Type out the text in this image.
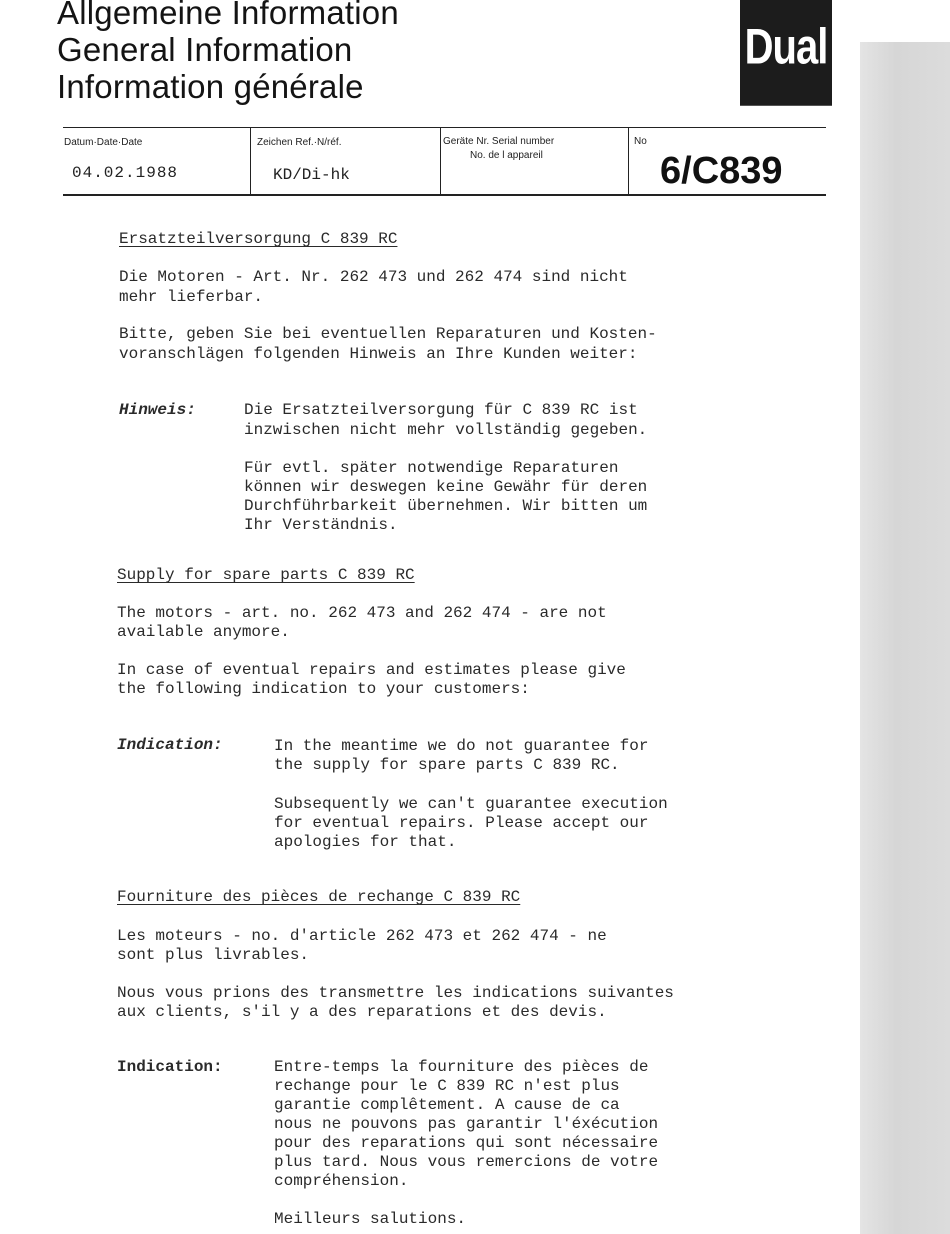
Allgemeine Information
General Information
Information générale
Dual
Datum·Date·Date
04.02.1988
Zeichen Ref.·N/réf.
KD/Di-hk
Geräte Nr. Serial number
No. de l appareil
No
6/C839
Ersatzteilversorgung C 839 RC
Die Motoren - Art. Nr. 262 473 und 262 474 sind nicht
mehr lieferbar.
Bitte, geben Sie bei eventuellen Reparaturen und Kosten-
voranschlägen folgenden Hinweis an Ihre Kunden weiter:
Hinweis:	Die Ersatzteilversorgung für C 839 RC ist
inzwischen nicht mehr vollständig gegeben.
Für evtl. später notwendige Reparaturen
können wir deswegen keine Gewähr für deren
Durchführbarkeit übernehmen. Wir bitten um
Ihr Verständnis.
Supply for spare parts C 839 RC
The motors - art. no. 262 473 and 262 474 - are not
available anymore.
In case of eventual repairs and estimates please give
the following indication to your customers:
Indication:	In the meantime we do not guarantee for
the supply for spare parts C 839 RC.
Subsequently we can't guarantee execution
for eventual repairs. Please accept our
apologies for that.
Fourniture des pièces de rechange C 839 RC
Les moteurs - no. d'article 262 473 et 262 474 - ne
sont plus livrables.
Nous vous prions des transmettre les indications suivantes
aux clients, s'il y a des reparations et des devis.
Indication:	Entre-temps la fourniture des pièces de
rechange pour le C 839 RC n'est plus
garantie complêtement. A cause de ca
nous ne pouvons pas garantir l'éxécution
pour des reparations qui sont nécessaire
plus tard. Nous vous remercions de votre
compréhension.
Meilleurs salutions.
